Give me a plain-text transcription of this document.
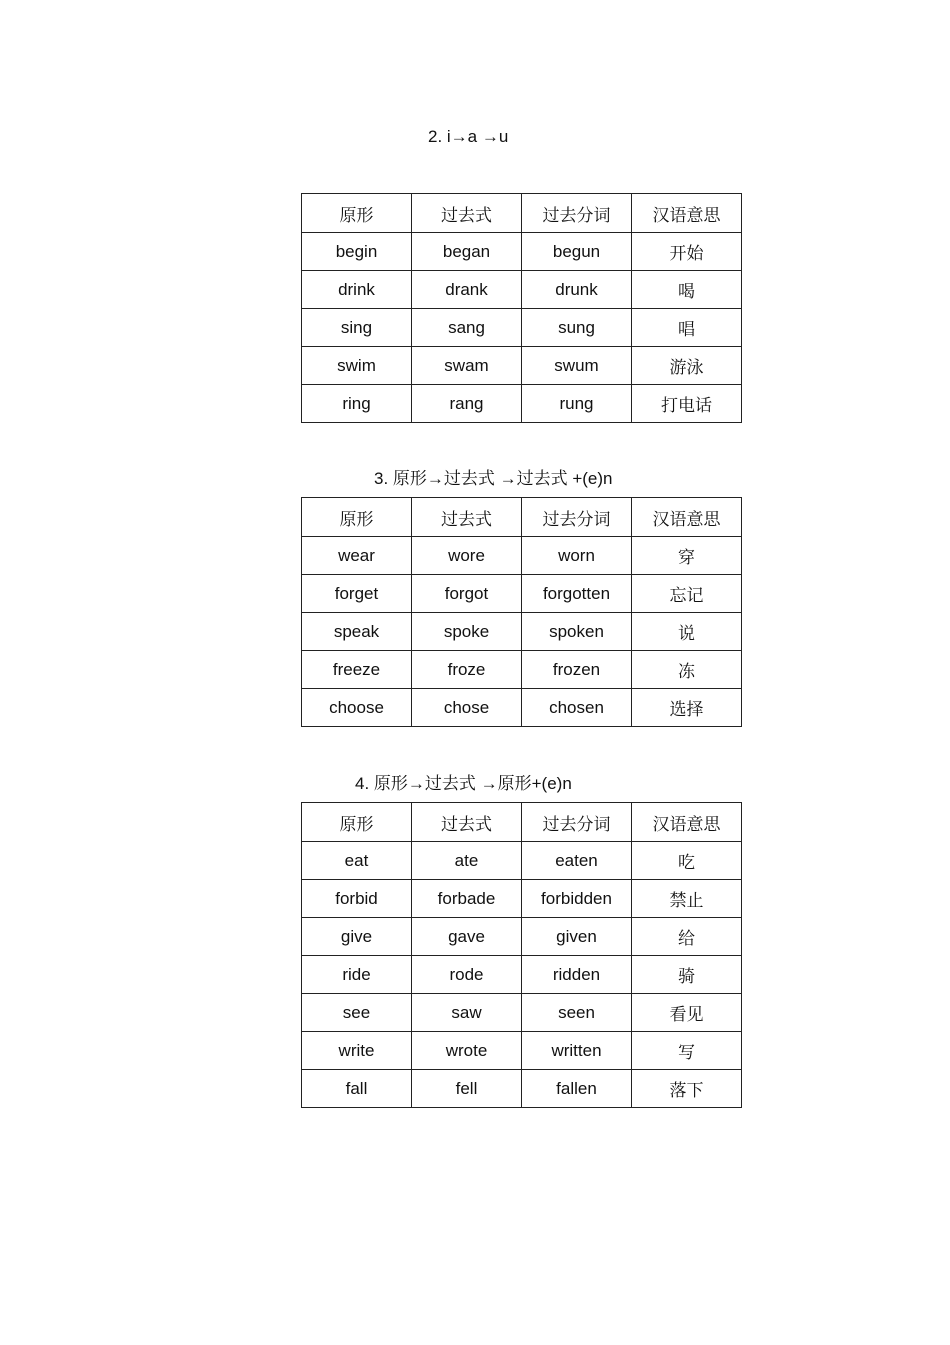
2. i→a →u
原形	过去式	过去分词	汉语意思
begin	began	begun	开始
drink	drank	drunk	喝
sing	sang	sung	唱
swim	swam	swum	游泳
ring	rang	rung	打电话
3. 原形→过去式 →过去式 +(e)n
原形	过去式	过去分词	汉语意思
wear	wore	worn	穿
forget	forgot	forgotten	忘记
speak	spoke	spoken	说
freeze	froze	frozen	冻
choose	chose	chosen	选择
4. 原形→过去式 →原形+(e)n
原形	过去式	过去分词	汉语意思
eat	ate	eaten	吃
forbid	forbade	forbidden	禁止
give	gave	given	给
ride	rode	ridden	骑
see	saw	seen	看见
write	wrote	written	写
fall	fell	fallen	落下
